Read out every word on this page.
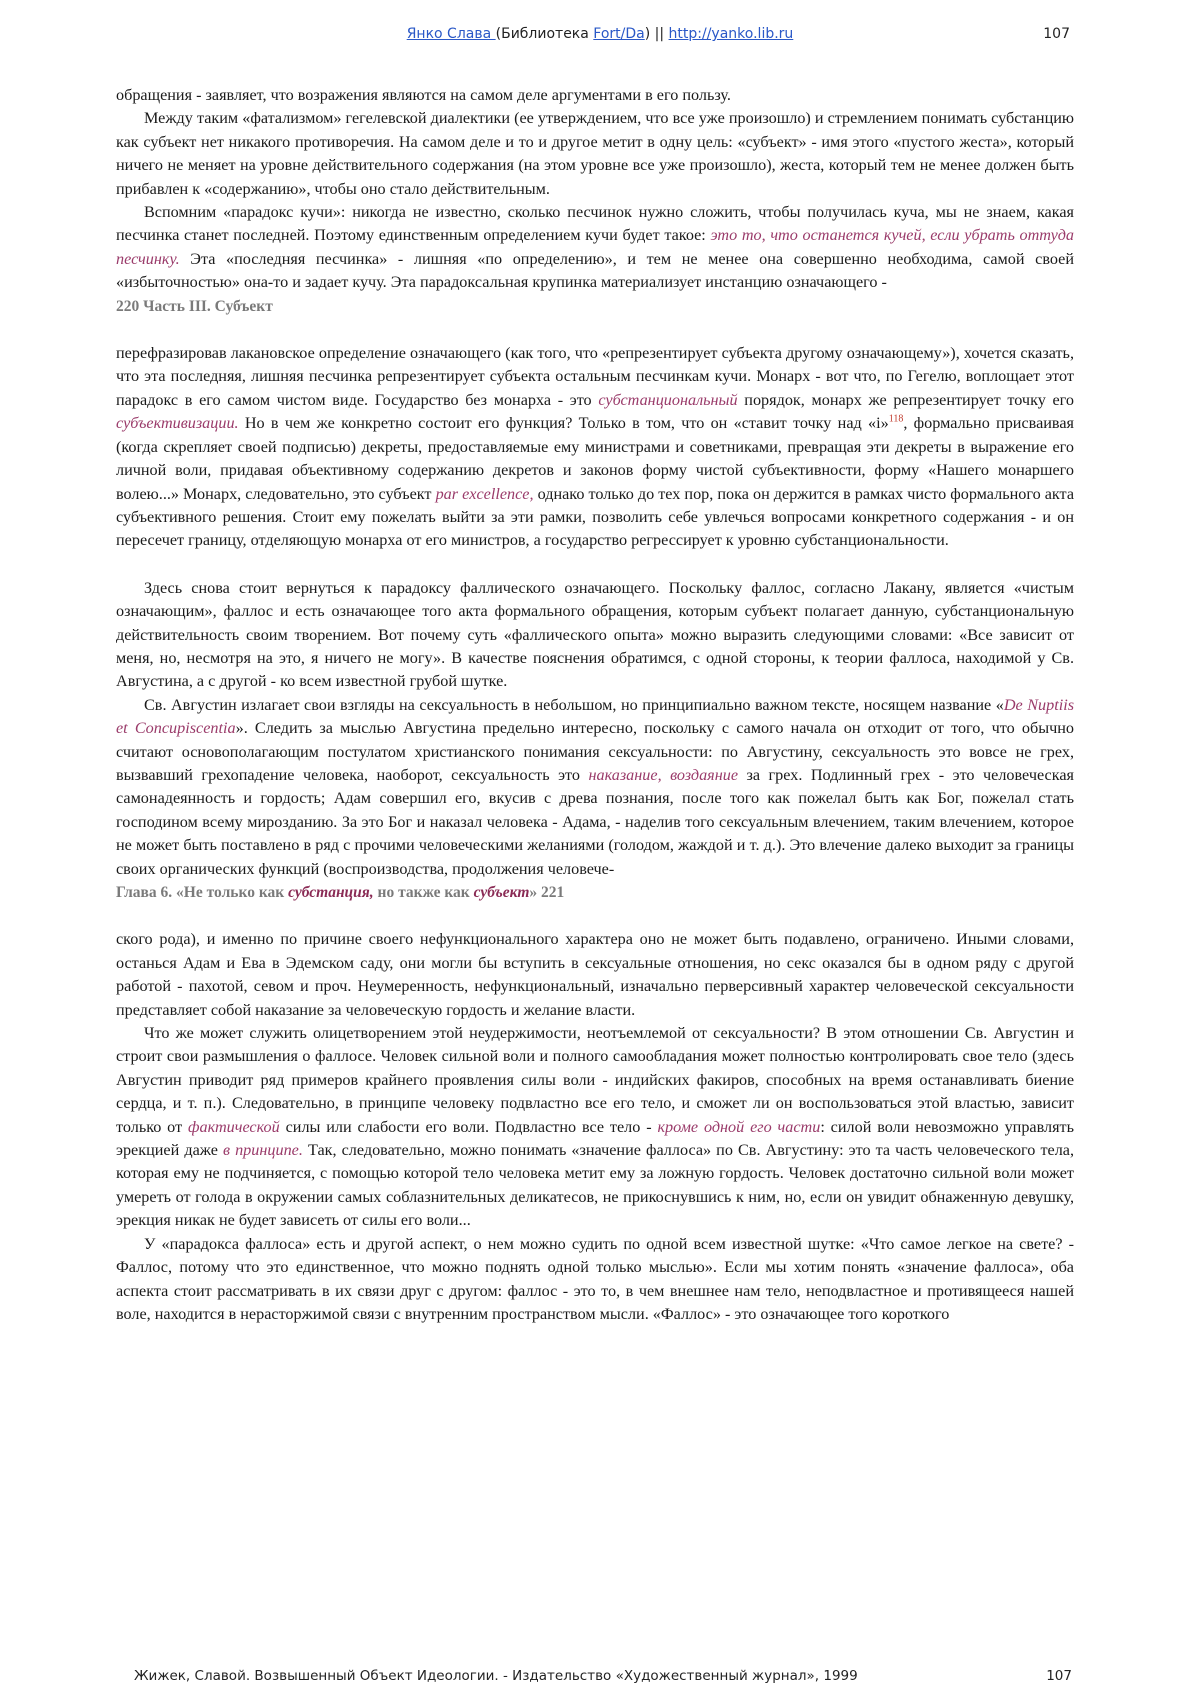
Янко Слава (Библиотека Fort/Da) || http://yanko.lib.ru	107

обращения - заявляет, что возражения являются на самом деле аргументами в его пользу.

Между таким «фатализмом» гегелевской диалектики (ее утверждением, что все уже произошло) и стремлением понимать субстанцию как субъект нет никакого противоречия. На самом деле и то и другое метит в одну цель: «субъект» - имя этого «пустого жеста», который ничего не меняет на уровне действительного содержания (на этом уровне все уже произошло), жеста, который тем не менее должен быть прибавлен к «содержанию», чтобы оно стало действительным.

Вспомним «парадокс кучи»: никогда не известно, сколько песчинок нужно сложить, чтобы получилась куча, мы не знаем, какая песчинка станет последней. Поэтому единственным определением кучи будет такое: это то, что останется кучей, если убрать оттуда песчинку. Эта «последняя песчинка» - лишняя «по определению», и тем не менее она совершенно необходима, самой своей «избыточностью» она-то и задает кучу. Эта парадоксальная крупинка материализует инстанцию означающего -

220 Часть III. Субъект

перефразировав лакановское определение означающего (как того, что «репрезентирует субъекта другому означающему»), хочется сказать, что эта последняя, лишняя песчинка репрезентирует субъекта остальным песчинкам кучи. Монарх - вот что, по Гегелю, воплощает этот парадокс в его самом чистом виде. Государство без монарха - это субстанциональный порядок, монарх же репрезентирует точку его субъективизации. Но в чем же конкретно состоит его функция? Только в том, что он «ставит точку над «i»$^{118}$, формально присваивая (когда скрепляет своей подписью) декреты, предоставляемые ему министрами и советниками, превращая эти декреты в выражение его личной воли, придавая объективному содержанию декретов и законов форму чистой субъективности, форму «Нашего монаршего волею...» Монарх, следовательно, это субъект par excellence, однако только до тех пор, пока он держится в рамках чисто формального акта субъективного решения. Стоит ему пожелать выйти за эти рамки, позволить себе увлечься вопросами конкретного содержания - и он пересечет границу, отделяющую монарха от его министров, а государство регрессирует к уровню субстанциональности.

Здесь снова стоит вернуться к парадоксу фаллического означающего. Поскольку фаллос, согласно Лакану, является «чистым означающим», фаллос и есть означающее того акта формального обращения, которым субъект полагает данную, субстанциональную действительность своим творением. Вот почему суть «фаллического опыта» можно выразить следующими словами: «Все зависит от меня, но, несмотря на это, я ничего не могу». В качестве пояснения обратимся, с одной стороны, к теории фаллоса, находимой у Св. Августина, а с другой - ко всем известной грубой шутке.

Св. Августин излагает свои взгляды на сексуальность в небольшом, но принципиально важном тексте, носящем название «De Nuptiis et Concupiscentia». Следить за мыслью Августина предельно интересно, поскольку с самого начала он отходит от того, что обычно считают основополагающим постулатом христианского понимания сексуальности: по Августину, сексуальность это вовсе не грех, вызвавший грехопадение человека, наоборот, сексуальность это наказание, воздаяние за грех. Подлинный грех - это человеческая самонадеянность и гордость; Адам совершил его, вкусив с древа познания, после того как пожелал быть как Бог, пожелал стать господином всему мирозданию. За это Бог и наказал человека - Адама, - наделив того сексуальным влечением, таким влечением, которое не может быть поставлено в ряд с прочими человеческими желаниями (голодом, жаждой и т. д.). Это влечение далеко выходит за границы своих органических функций (воспроизводства, продолжения человече-

Глава 6. «Не только как субстанция, но также как субъект» 221

ского рода), и именно по причине своего нефункционального характера оно не может быть подавлено, ограничено. Иными словами, останься Адам и Ева в Эдемском саду, они могли бы вступить в сексуальные отношения, но секс оказался бы в одном ряду с другой работой - пахотой, севом и проч. Неумеренность, нефункциональный, изначально перверсивный характер человеческой сексуальности представляет собой наказание за человеческую гордость и желание власти.

Что же может служить олицетворением этой неудержимости, неотъемлемой от сексуальности? В этом отношении Св. Августин и строит свои размышления о фаллосе. Человек сильной воли и полного самообладания может полностью контролировать свое тело (здесь Августин приводит ряд примеров крайнего проявления силы воли - индийских факиров, способных на время останавливать биение сердца, и т. п.). Следовательно, в принципе человеку подвластно все его тело, и сможет ли он воспользоваться этой властью, зависит только от фактической силы или слабости его воли. Подвластно все тело - кроме одной его части: силой воли невозможно управлять эрекцией даже в принципе. Так, следовательно, можно понимать «значение фаллоса» по Св. Августину: это та часть человеческого тела, которая ему не подчиняется, с помощью которой тело человека метит ему за ложную гордость. Человек достаточно сильной воли может умереть от голода в окружении самых соблазнительных деликатесов, не прикоснувшись к ним, но, если он увидит обнаженную девушку, эрекция никак не будет зависеть от силы его воли...

У «парадокса фаллоса» есть и другой аспект, о нем можно судить по одной всем известной шутке: «Что самое легкое на свете? - Фаллос, потому что это единственное, что можно поднять одной только мыслью». Если мы хотим понять «значение фаллоса», оба аспекта стоит рассматривать в их связи друг с другом: фаллос - это то, в чем внешнее нам тело, неподвластное и противящееся нашей воле, находится в нерасторжимой связи с внутренним пространством мысли. «Фаллос» - это означающее того короткого

Жижек, Славой. Возвышенный Объект Идеологии. - Издательство «Художественный журнал», 1999	107
